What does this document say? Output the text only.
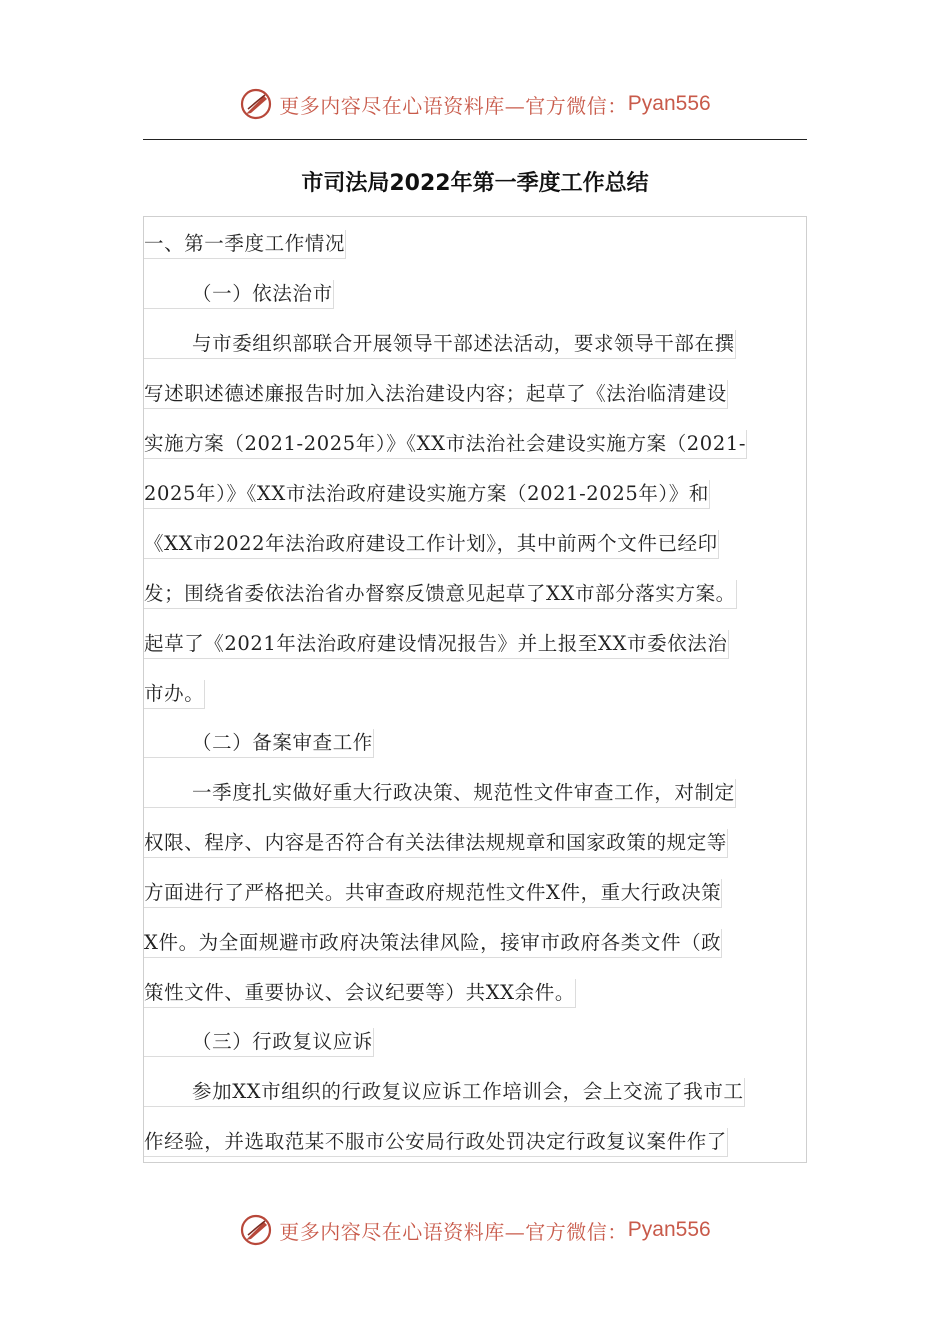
更多内容尽在心语资料库—官方微信： Pyan556
市司法局2022年第一季度工作总结
一、第一季度工作情况
（一）依法治市
与市委组织部联合开展领导干部述法活动，要求领导干部在撰
写述职述德述廉报告时加入法治建设内容；起草了《法治临清建设
实施方案（2021-2025年）》《XX市法治社会建设实施方案（2021-
2025年）》《XX市法治政府建设实施方案（2021-2025年）》和
《XX市2022年法治政府建设工作计划》，其中前两个文件已经印
发；围绕省委依法治省办督察反馈意见起草了XX市部分落实方案。
起草了《2021年法治政府建设情况报告》并上报至XX市委依法治
市办。
（二）备案审查工作
一季度扎实做好重大行政决策、规范性文件审查工作，对制定
权限、程序、内容是否符合有关法律法规规章和国家政策的规定等
方面进行了严格把关。共审查政府规范性文件X件，重大行政决策
X件。为全面规避市政府决策法律风险，接审市政府各类文件（政
策性文件、重要协议、会议纪要等）共XX余件。
（三）行政复议应诉
参加XX市组织的行政复议应诉工作培训会，会上交流了我市工
作经验，并选取范某不服市公安局行政处罚决定行政复议案件作了
更多内容尽在心语资料库—官方微信： Pyan556
